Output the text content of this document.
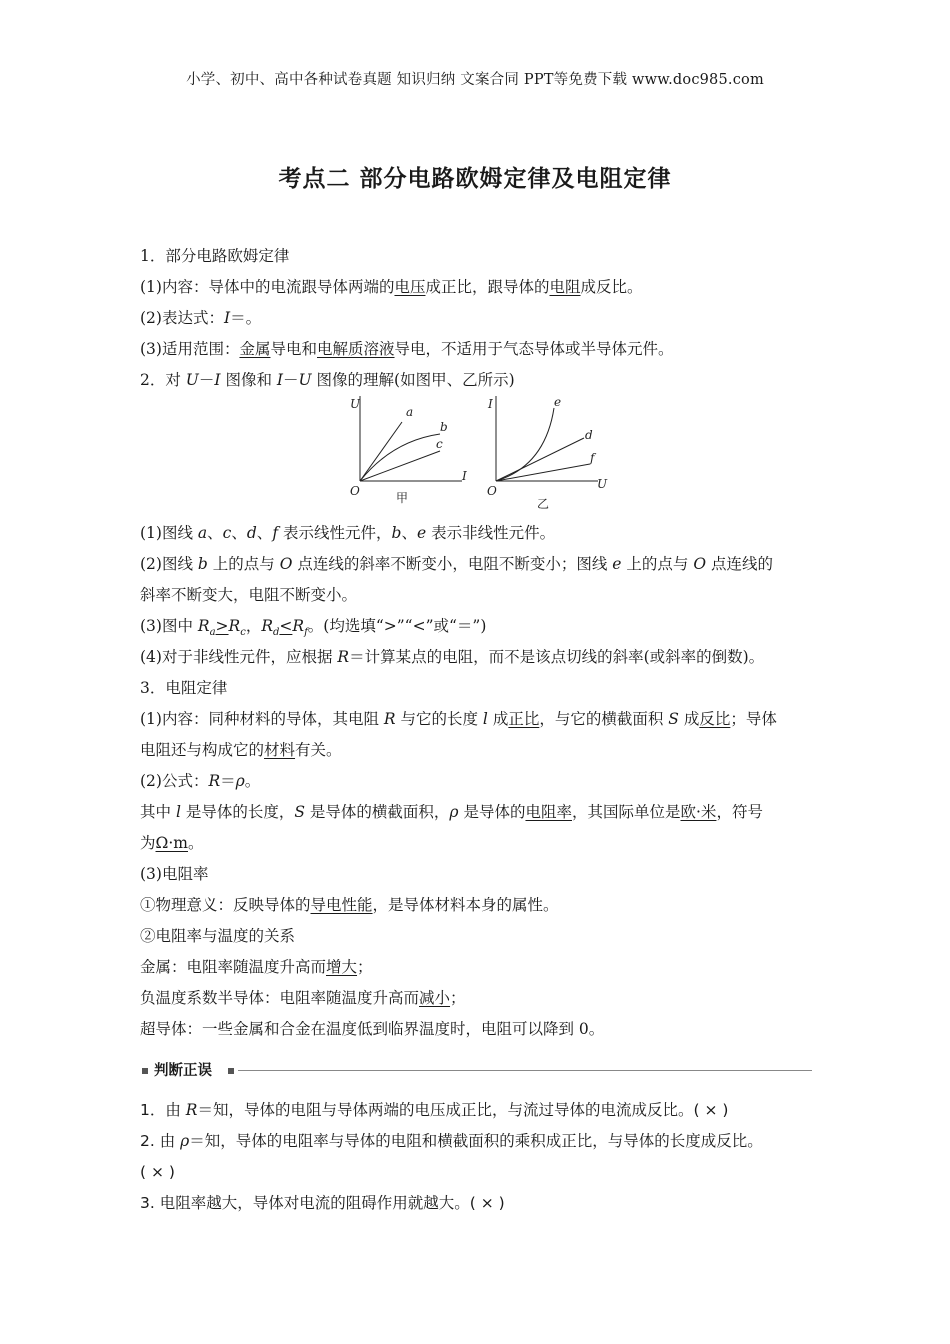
小学、初中、高中各种试卷真题 知识归纳 文案合同 PPT等免费下载 www.doc985.com
考点二 部分电路欧姆定律及电阻定律
1．部分电路欧姆定律
(1)内容：导体中的电流跟导体两端的电压成正比，跟导体的电阻成反比。
(2)表达式：I＝。
(3)适用范围：金属导电和电解质溶液导电，不适用于气态导体或半导体元件。
2．对 U－I 图像和 I－U 图像的理解(如图甲、乙所示)
U
I
O
a
b
c
甲
I
U
O
e
d
f
乙
(1)图线 a、c、d、f 表示线性元件，b、e 表示非线性元件。
(2)图线 b 上的点与 O 点连线的斜率不断变小，电阻不断变小；图线 e 上的点与 O 点连线的
斜率不断变大，电阻不断变小。
(3)图中 $R_a>R_c$，$R_d<R_f$。(均选填“>”“<”或“＝”)
(4)对于非线性元件，应根据 R＝计算某点的电阻，而不是该点切线的斜率(或斜率的倒数)。
3．电阻定律
(1)内容：同种材料的导体，其电阻 R 与它的长度 l 成正比，与它的横截面积 S 成反比；导体
电阻还与构成它的材料有关。
(2)公式：R＝ρ。
其中 l 是导体的长度，S 是导体的横截面积，ρ 是导体的电阻率，其国际单位是欧·米，符号
为Ω·m。
(3)电阻率
①物理意义：反映导体的导电性能，是导体材料本身的属性。
②电阻率与温度的关系
金属：电阻率随温度升高而增大；
负温度系数半导体：电阻率随温度升高而减小；
超导体：一些金属和合金在温度低到临界温度时，电阻可以降到 0。
判断正误
1．由 R＝知，导体的电阻与导体两端的电压成正比，与流过导体的电流成反比。( × )
2. 由 ρ＝知，导体的电阻率与导体的电阻和横截面积的乘积成正比，与导体的长度成反比。
( × )
3. 电阻率越大，导体对电流的阻碍作用就越大。( × )
